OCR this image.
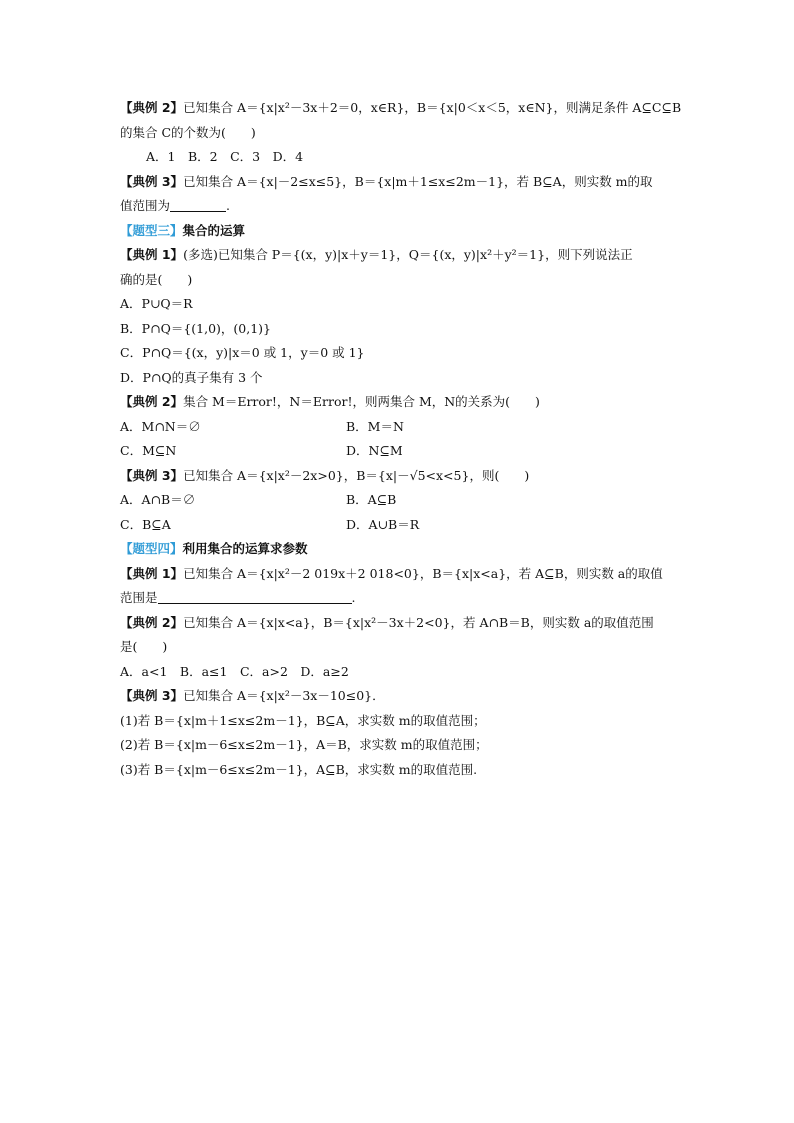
【典例 2】已知集合 A＝{x|x²－3x＋2＝0，x∈R}，B＝{x|0＜x＜5，x∈N}，则满足条件 A⊆C⊆B
的集合 C的个数为(　　)
A．1　B．2　C．3　D．4
【典例 3】已知集合 A＝{x|－2≤x≤5}，B＝{x|m＋1≤x≤2m－1}，若 B⊆A，则实数 m的取
值范围为	.
【题型三】集合的运算
【典例 1】(多选)已知集合 P＝{(x，y)|x＋y＝1}，Q＝{(x，y)|x²＋y²＝1}，则下列说法正
确的是(　　)
A．P∪Q＝R
B．P∩Q＝{(1,0)，(0,1)}
C．P∩Q＝{(x，y)|x＝0 或 1，y＝0 或 1}
D．P∩Q的真子集有 3 个
【典例 2】集合 M＝Error!，N＝Error!，则两集合 M，N的关系为(　　)
A．M∩N＝∅	B．M＝N
C．M⊆N	D．N⊆M
【典例 3】已知集合 A＝{x|x²－2x>0}，B＝{x|－√5<x<5}，则(　　)
A．A∩B＝∅	B．A⊆B
C．B⊆A	D．A∪B＝R
【题型四】利用集合的运算求参数
【典例 1】已知集合 A＝{x|x²－2 019x＋2 018<0}，B＝{x|x<a}，若 A⊆B，则实数 a的取值
范围是	.
【典例 2】已知集合 A＝{x|x<a}，B＝{x|x²－3x＋2<0}，若 A∩B＝B，则实数 a的取值范围
是(　　)
A．a<1　B．a≤1　C．a>2　D．a≥2
【典例 3】已知集合 A＝{x|x²－3x－10≤0}．
(1)若 B＝{x|m＋1≤x≤2m－1}，B⊆A，求实数 m的取值范围；
(2)若 B＝{x|m－6≤x≤2m－1}，A＝B，求实数 m的取值范围；
(3)若 B＝{x|m－6≤x≤2m－1}，A⊆B，求实数 m的取值范围.
